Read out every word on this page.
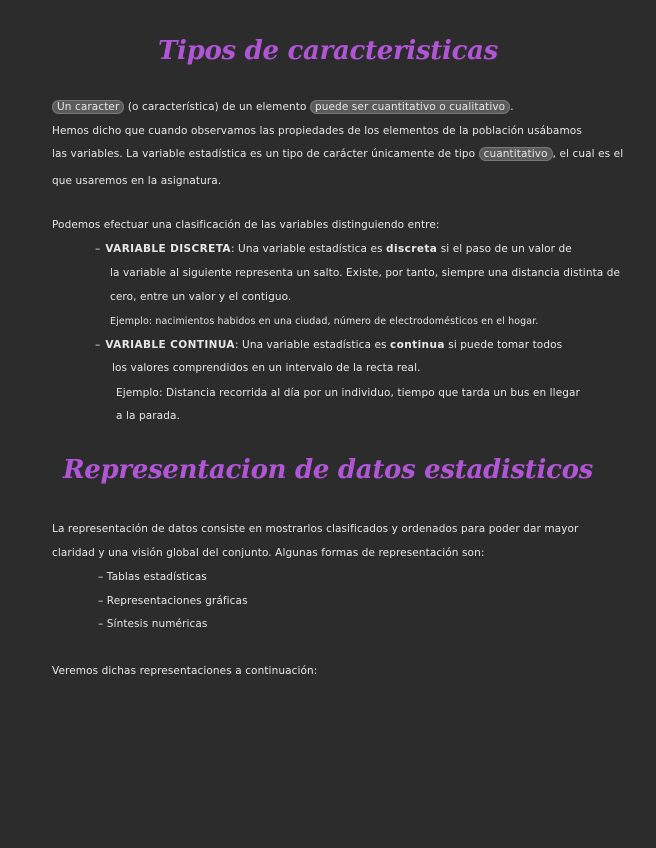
Tipos de caracteristicas
Un caracter (o característica) de un elemento puede ser cuantitativo o cualitativo .
Hemos dicho que cuando observamos las propiedades de los elementos de la población usábamos
las variables. La variable estadística es un tipo de carácter únicamente de tipo cuantitativo , el cual es el
que usaremos en la asignatura.
Podemos efectuar una clasificación de las variables distinguiendo entre:
– VARIABLE DISCRETA: Una variable estadística es discreta si el paso de un valor de
la variable al siguiente representa un salto. Existe, por tanto, siempre una distancia distinta de
cero, entre un valor y el contiguo.
Ejemplo: nacimientos habidos en una ciudad, número de electrodomésticos en el hogar.
– VARIABLE CONTINUA: Una variable estadística es continua si puede tomar todos
los valores comprendidos en un intervalo de la recta real.
Ejemplo: Distancia recorrida al día por un individuo, tiempo que tarda un bus en llegar
a la parada.
Representacion de datos estadisticos
La representación de datos consiste en mostrarlos clasificados y ordenados para poder dar mayor
claridad y una visión global del conjunto. Algunas formas de representación son:
– Tablas estadísticas
– Representaciones gráficas
– Síntesis numéricas
Veremos dichas representaciones a continuación:
